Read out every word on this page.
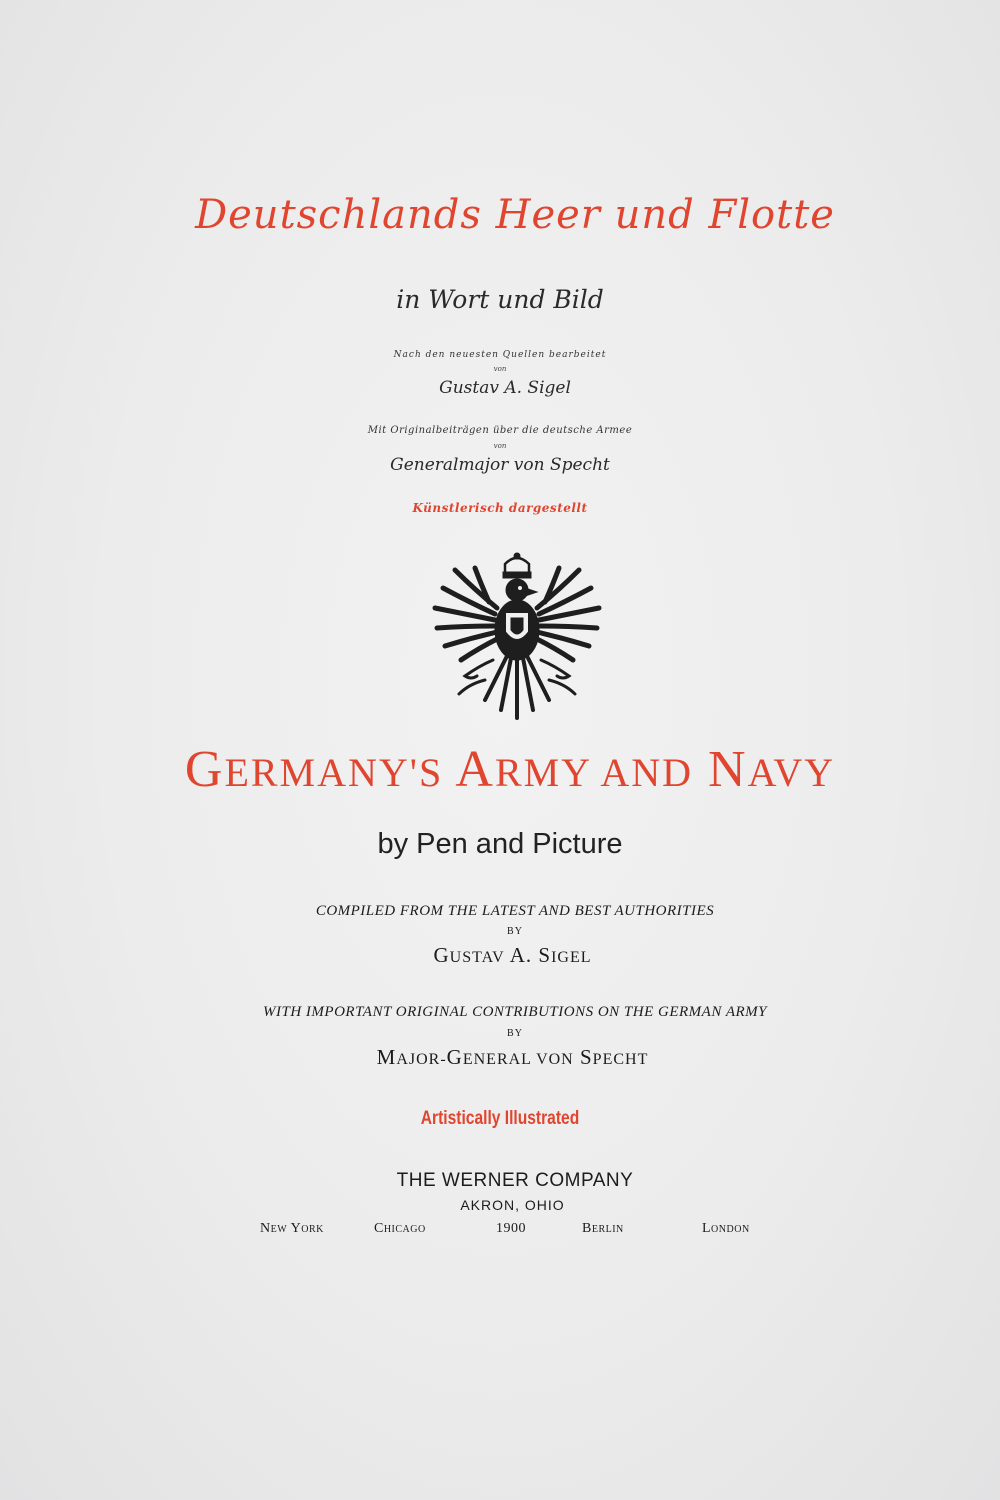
Deutschlands Heer und Flotte
in Wort und Bild
Nach den neuesten Quellen bearbeitet
von
Gustav A. Sigel
Mit Originalbeiträgen über die deutsche Armee
von
Generalmajor von Specht
Künstlerisch dargestellt
GERMANY'S ARMY AND NAVY
by Pen and Picture
COMPILED FROM THE LATEST AND BEST AUTHORITIES
BY
GUSTAV A. SIGEL
WITH IMPORTANT ORIGINAL CONTRIBUTIONS ON THE GERMAN ARMY
BY
MAJOR-GENERAL VON SPECHT
Artistically Illustrated
THE WERNER COMPANY
AKRON, OHIO
New York	Chicago	1900	Berlin	London
